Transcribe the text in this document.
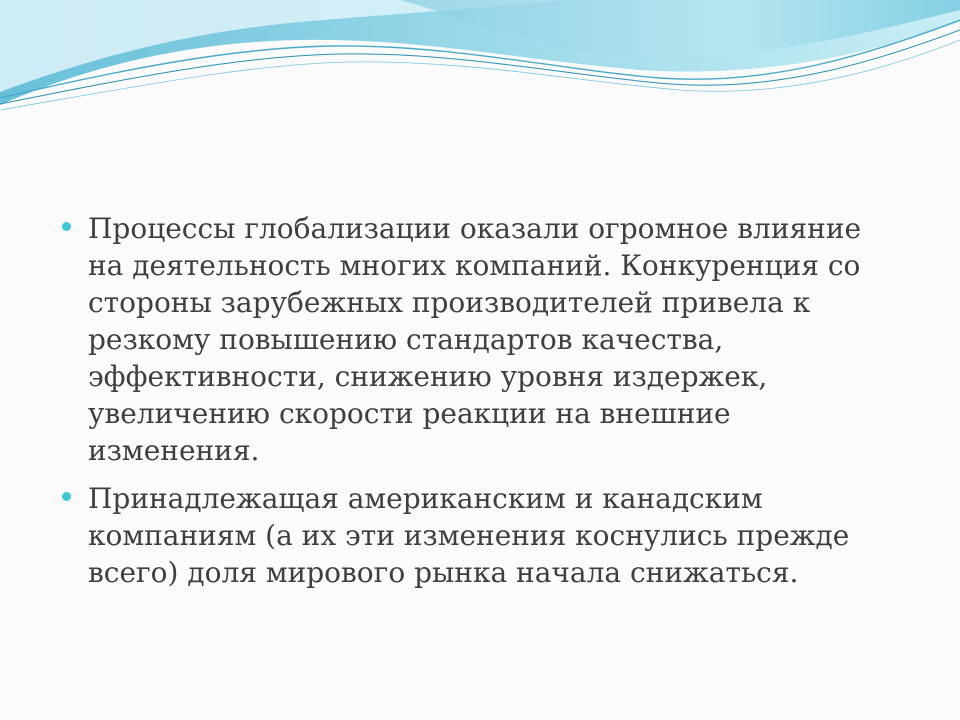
Процессы глобализации оказали огромное влияние на деятельность многих компаний. Конкуренция со стороны зарубежных производителей привела к резкому повышению стандартов качества, эффективности, снижению уровня издержек, увеличению скорости реакции на внешние изменения.
Принадлежащая американским и канадским компаниям (а их эти изменения коснулись прежде всего) доля мирового рынка начала снижаться.
